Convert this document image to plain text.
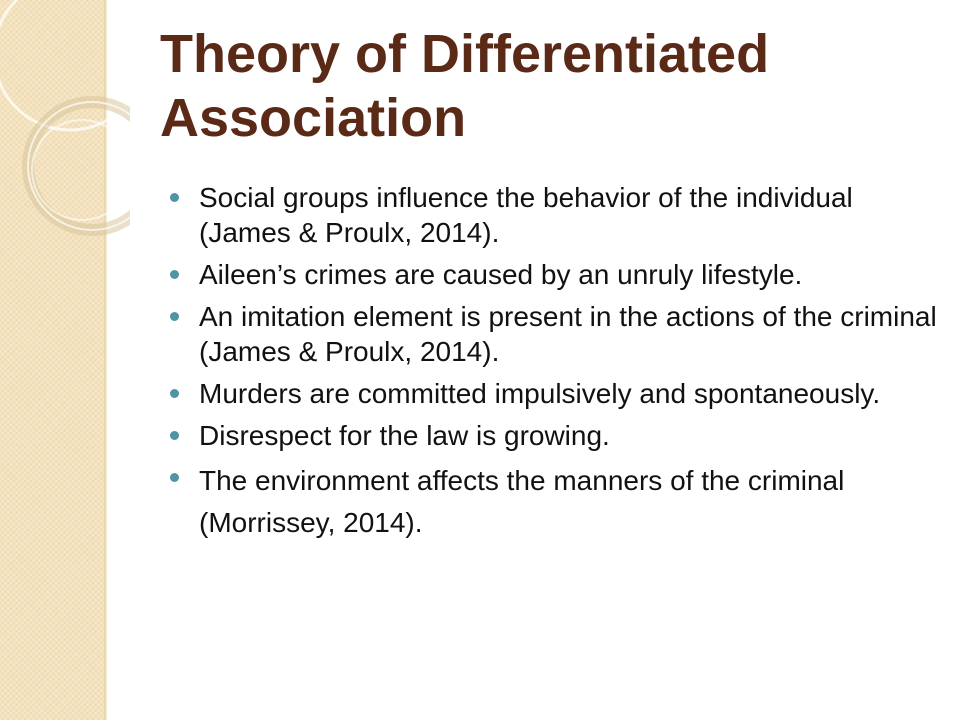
Theory of Differentiated Association
Social groups influence the behavior of the individual (James & Proulx, 2014).
Aileen’s crimes are caused by an unruly lifestyle.
An imitation element is present in the actions of the criminal (James & Proulx, 2014).
Murders are committed impulsively and spontaneously.
Disrespect for the law is growing.
The environment affects the manners of the criminal (Morrissey, 2014).
